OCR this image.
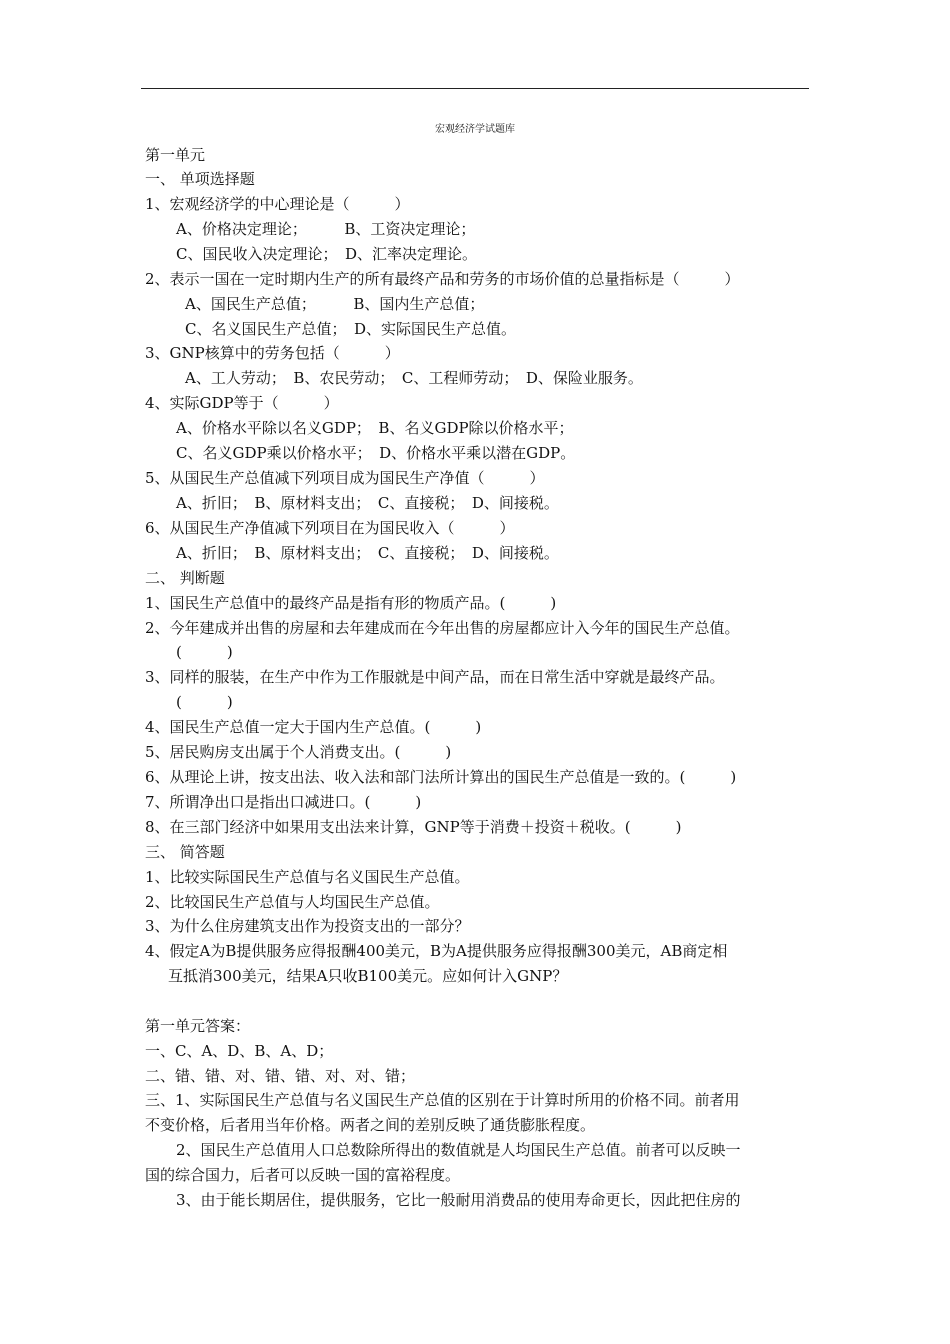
宏观经济学试题库
第一单元
一、 单项选择题
1、宏观经济学的中心理论是（　　　）
A、价格决定理论；　　　B、工资决定理论；
C、国民收入决定理论；　D、汇率决定理论。
2、表示一国在一定时期内生产的所有最终产品和劳务的市场价值的总量指标是（　　　）
A、国民生产总值；　　　B、国内生产总值；
C、名义国民生产总值；　D、实际国民生产总值。
3、GNP核算中的劳务包括（　　　）
A、工人劳动；　B、农民劳动；　C、工程师劳动；　D、保险业服务。
4、实际GDP等于（　　　）
A、价格水平除以名义GDP；　B、名义GDP除以价格水平；
C、名义GDP乘以价格水平；　D、价格水平乘以潜在GDP。
5、从国民生产总值减下列项目成为国民生产净值（　　　）
A、折旧；　B、原材料支出；　C、直接税；　D、间接税。
6、从国民生产净值减下列项目在为国民收入（　　　）
A、折旧；　B、原材料支出；　C、直接税；　D、间接税。
二、 判断题
1、国民生产总值中的最终产品是指有形的物质产品。(　　　)
2、今年建成并出售的房屋和去年建成而在今年出售的房屋都应计入今年的国民生产总值。
(　　　)
3、同样的服装，在生产中作为工作服就是中间产品，而在日常生活中穿就是最终产品。
(　　　)
4、国民生产总值一定大于国内生产总值。(　　　)
5、居民购房支出属于个人消费支出。(　　　)
6、从理论上讲，按支出法、收入法和部门法所计算出的国民生产总值是一致的。(　　　)
7、所谓净出口是指出口减进口。(　　　)
8、在三部门经济中如果用支出法来计算，GNP等于消费＋投资＋税收。(　　　)
三、 简答题
1、比较实际国民生产总值与名义国民生产总值。
2、比较国民生产总值与人均国民生产总值。
3、为什么住房建筑支出作为投资支出的一部分？
4、假定A为B提供服务应得报酬400美元，B为A提供服务应得报酬300美元，AB商定相
互抵消300美元，结果A只收B100美元。应如何计入GNP？
第一单元答案：
一、C、A、D、B、A、D；
二、错、错、对、错、错、对、对、错；
三、1、实际国民生产总值与名义国民生产总值的区别在于计算时所用的价格不同。前者用
不变价格，后者用当年价格。两者之间的差别反映了通货膨胀程度。
2、国民生产总值用人口总数除所得出的数值就是人均国民生产总值。前者可以反映一
国的综合国力，后者可以反映一国的富裕程度。
3、由于能长期居住，提供服务，它比一般耐用消费品的使用寿命更长，因此把住房的
